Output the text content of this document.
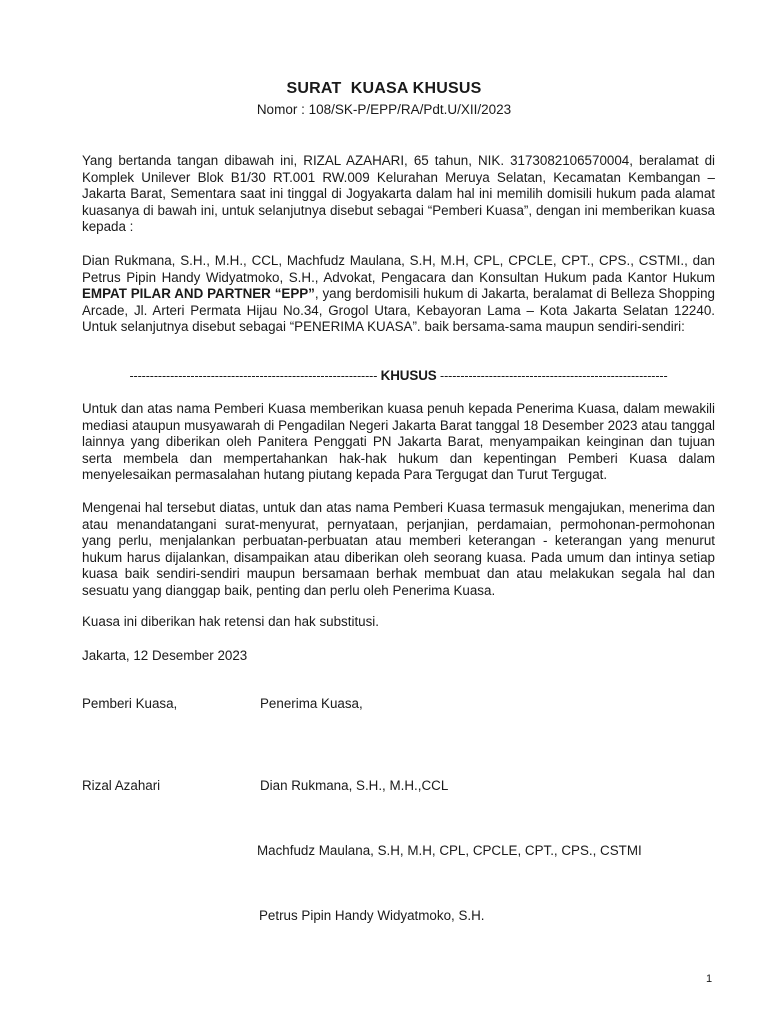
SURAT  KUASA KHUSUS
Nomor : 108/SK-P/EPP/RA/Pdt.U/XII/2023

Yang bertanda tangan dibawah ini, RIZAL AZAHARI, 65 tahun, NIK. 3173082106570004, beralamat di Komplek Unilever Blok B1/30 RT.001 RW.009 Kelurahan Meruya Selatan, Kecamatan Kembangan – Jakarta Barat, Sementara saat ini tinggal di Jogyakarta dalam hal ini memilih domisili hukum pada alamat kuasanya di bawah ini, untuk selanjutnya disebut sebagai “Pemberi Kuasa”, dengan ini memberikan kuasa kepada :

Dian Rukmana, S.H., M.H., CCL, Machfudz Maulana, S.H, M.H, CPL, CPCLE, CPT., CPS., CSTMI., dan Petrus Pipin Handy Widyatmoko, S.H., Advokat, Pengacara dan Konsultan Hukum pada Kantor Hukum EMPAT PILAR AND PARTNER “EPP”, yang berdomisili hukum di Jakarta, beralamat di Belleza Shopping Arcade, Jl. Arteri Permata Hijau No.34, Grogol Utara, Kebayoran Lama – Kota Jakarta Selatan 12240. Untuk selanjutnya disebut sebagai “PENERIMA KUASA”. baik bersama-sama maupun sendiri-sendiri:

------------------------------------------------------------- KHUSUS --------------------------------------------------------

Untuk dan atas nama Pemberi Kuasa memberikan kuasa penuh kepada Penerima Kuasa, dalam mewakili mediasi ataupun musyawarah di Pengadilan Negeri Jakarta Barat tanggal 18 Desember 2023 atau tanggal lainnya yang diberikan oleh Panitera Penggati PN Jakarta Barat, menyampaikan keinginan dan tujuan serta membela dan mempertahankan hak-hak hukum dan kepentingan Pemberi Kuasa dalam menyelesaikan permasalahan hutang piutang kepada Para Tergugat dan Turut Tergugat.

Mengenai hal tersebut diatas, untuk dan atas nama Pemberi Kuasa termasuk mengajukan, menerima dan atau menandatangani surat-menyurat, pernyataan, perjanjian, perdamaian, permohonan-permohonan yang perlu, menjalankan perbuatan-perbuatan atau memberi keterangan - keterangan yang menurut hukum harus dijalankan, disampaikan atau diberikan oleh seorang kuasa. Pada umum dan intinya setiap kuasa baik sendiri-sendiri maupun bersamaan berhak membuat dan atau melakukan segala hal dan sesuatu yang dianggap baik, penting dan perlu oleh Penerima Kuasa.

Kuasa ini diberikan hak retensi dan hak substitusi.

Jakarta, 12 Desember 2023

Pemberi Kuasa,	Penerima Kuasa,
Rizal Azahari	Dian Rukmana, S.H., M.H.,CCL
Machfudz Maulana, S.H, M.H, CPL, CPCLE, CPT., CPS., CSTMI
Petrus Pipin Handy Widyatmoko, S.H.
1
